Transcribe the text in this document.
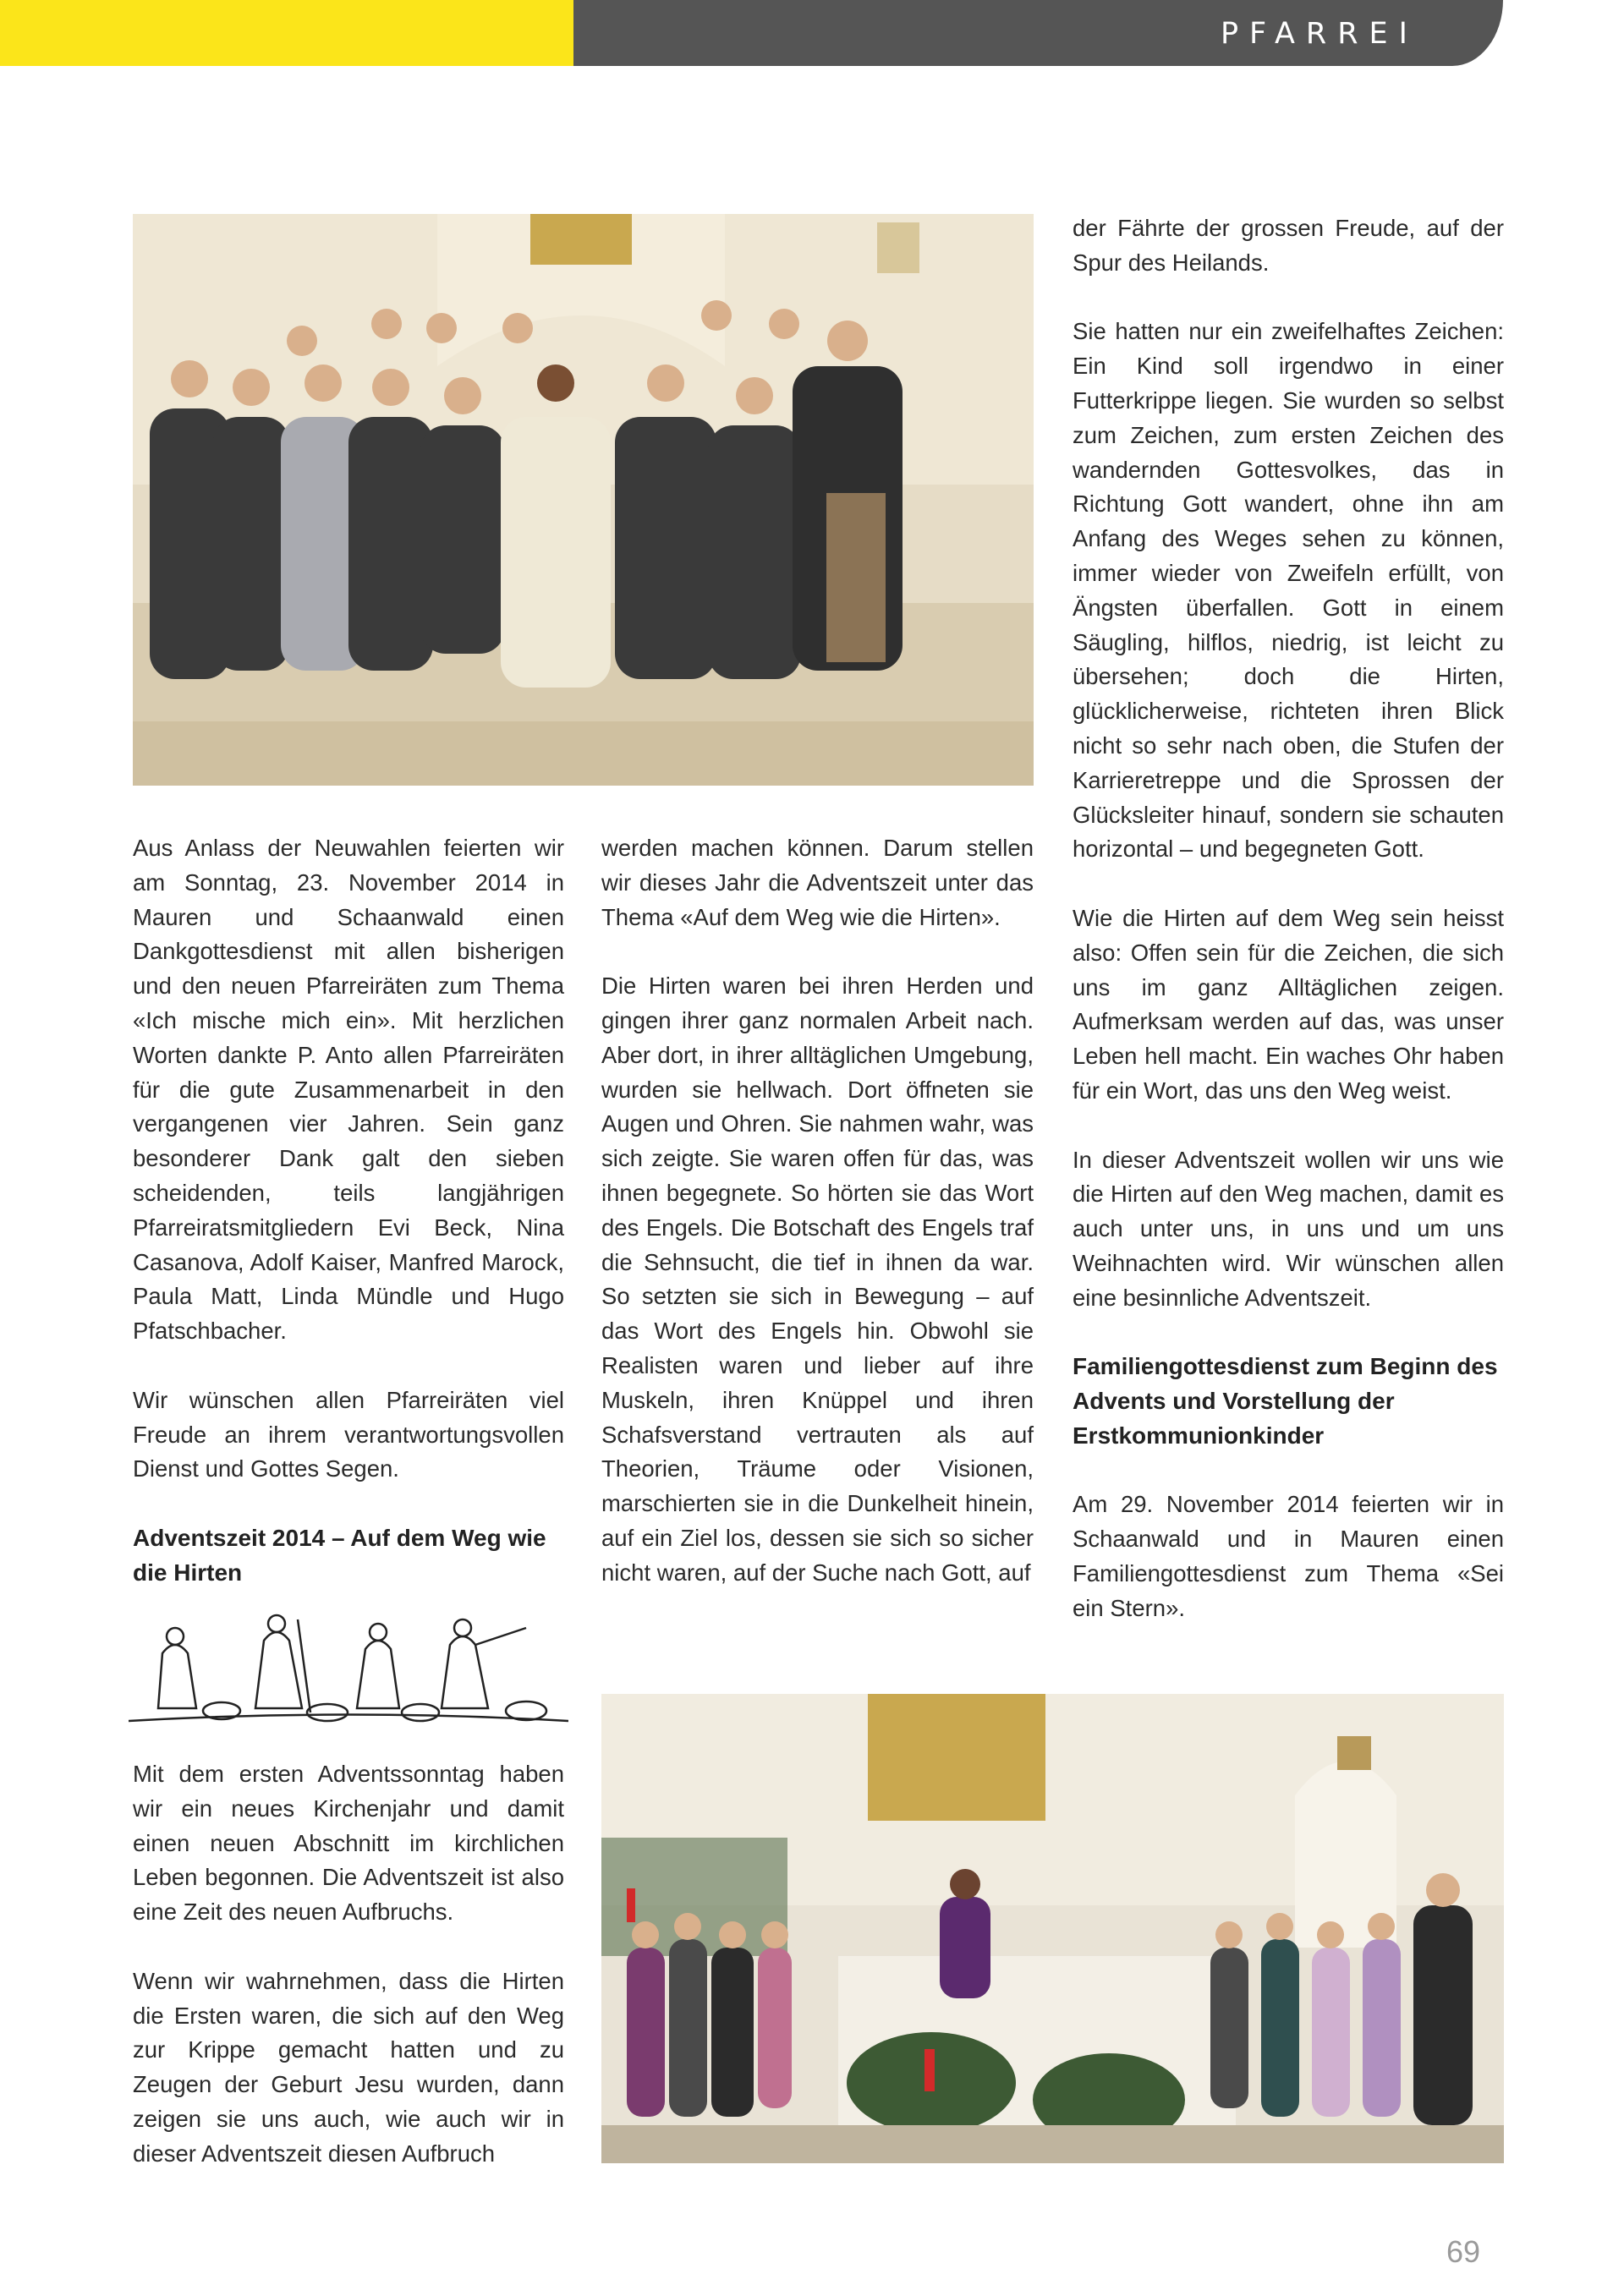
PFARREI

Aus Anlass der Neuwahlen feierten wir am Sonntag, 23. November 2014 in Mauren und Schaanwald einen Dankgottesdienst mit allen bisherigen und den neuen Pfarreiräten zum Thema «Ich mische mich ein». Mit herzlichen Worten dankte P. Anto allen Pfarreiräten für die gute Zusammenarbeit in den vergangenen vier Jahren. Sein ganz besonderer Dank galt den sieben scheidenden, teils langjährigen Pfarreiratsmitgliedern Evi Beck, Nina Casanova, Adolf Kaiser, Manfred Marock, Paula Matt, Linda Mündle und Hugo Pfatschbacher.

Wir wünschen allen Pfarreiräten viel Freude an ihrem verantwortungsvollen Dienst und Gottes Segen.

Adventszeit 2014 – Auf dem Weg wie die Hirten

Mit dem ersten Adventssonntag haben wir ein neues Kirchenjahr und damit einen neuen Abschnitt im kirchlichen Leben begonnen. Die Adventszeit ist also eine Zeit des neuen Aufbruchs.

Wenn wir wahrnehmen, dass die Hirten die Ersten waren, die sich auf den Weg zur Krippe gemacht hatten und zu Zeugen der Geburt Jesu wurden, dann zeigen sie uns auch, wie auch wir in dieser Adventszeit diesen Aufbruch

werden machen können. Darum stellen wir dieses Jahr die Adventszeit unter das Thema «Auf dem Weg wie die Hirten».

Die Hirten waren bei ihren Herden und gingen ihrer ganz normalen Arbeit nach. Aber dort, in ihrer alltäglichen Umgebung, wurden sie hellwach. Dort öffneten sie Augen und Ohren. Sie nahmen wahr, was sich zeigte. Sie waren offen für das, was ihnen begegnete. So hörten sie das Wort des Engels. Die Botschaft des Engels traf die Sehnsucht, die tief in ihnen da war. So setzten sie sich in Bewegung – auf das Wort des Engels hin. Obwohl sie Realisten waren und lieber auf ihre Muskeln, ihren Knüppel und ihren Schafsverstand vertrauten als auf Theorien, Träume oder Visionen, marschierten sie in die Dunkelheit hinein, auf ein Ziel los, dessen sie sich so sicher nicht waren, auf der Suche nach Gott, auf

der Fährte der grossen Freude, auf der Spur des Heilands.

Sie hatten nur ein zweifelhaftes Zeichen: Ein Kind soll irgendwo in einer Futterkrippe liegen. Sie wurden so selbst zum Zeichen, zum ersten Zeichen des wandernden Gottesvolkes, das in Richtung Gott wandert, ohne ihn am Anfang des Weges sehen zu können, immer wieder von Zweifeln erfüllt, von Ängsten überfallen. Gott in einem Säugling, hilflos, niedrig, ist leicht zu übersehen; doch die Hirten, glücklicherweise, richteten ihren Blick nicht so sehr nach oben, die Stufen der Karrieretreppe und die Sprossen der Glücksleiter hinauf, sondern sie schauten horizontal – und begegneten Gott.

Wie die Hirten auf dem Weg sein heisst also: Offen sein für die Zeichen, die sich uns im ganz Alltäglichen zeigen. Aufmerksam werden auf das, was unser Leben hell macht. Ein waches Ohr haben für ein Wort, das uns den Weg weist.

In dieser Adventszeit wollen wir uns wie die Hirten auf den Weg machen, damit es auch unter uns, in uns und um uns Weihnachten wird. Wir wünschen allen eine besinnliche Adventszeit.

Familiengottesdienst zum Beginn des Advents und Vorstellung der Erstkommunionkinder

Am 29. November 2014 feierten wir in Schaanwald und in Mauren einen Familiengottesdienst zum Thema «Sei ein Stern».

69
